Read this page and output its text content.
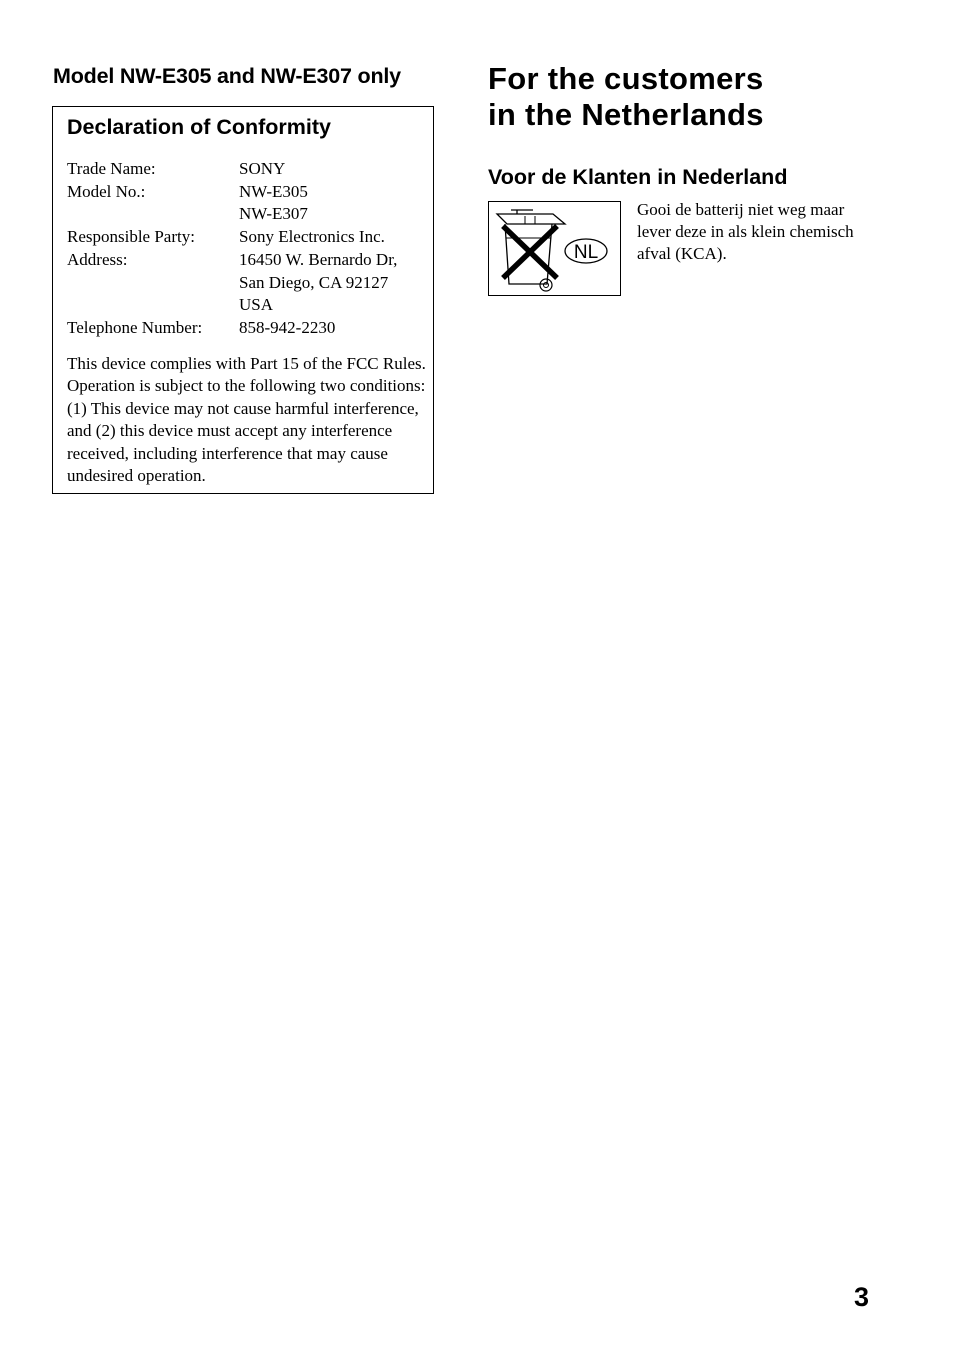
Model NW-E305 and NW-E307 only
Declaration of Conformity
Trade Name:	SONY
Model No.:	NW-E305
NW-E307
Responsible Party:	Sony Electronics Inc.
Address:	16450 W. Bernardo Dr,
San Diego, CA 92127
USA
Telephone Number:	858-942-2230
This device complies with Part 15 of the FCC Rules. Operation is subject to the following two conditions: (1) This device may not cause harmful interference, and (2) this device must accept any interference received, including interference that may cause undesired operation.
For the customers
in the Netherlands
Voor de Klanten in Nederland
NL
Gooi de batterij niet weg maar
lever deze in als klein chemisch
afval (KCA).
3
